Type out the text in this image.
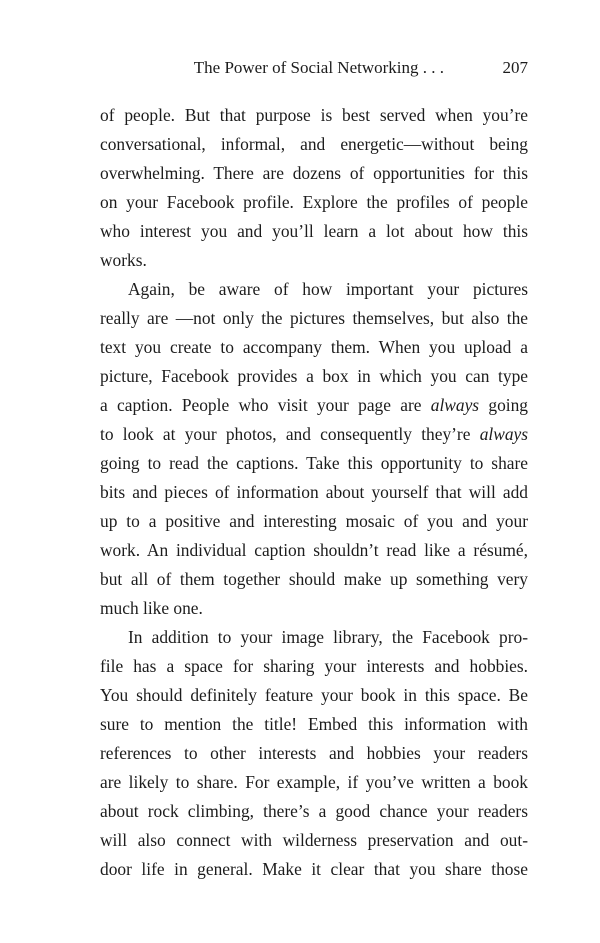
The Power of Social Networking . . .	207
of people. But that purpose is best served when you’re
conversational, informal, and energetic—without being
overwhelming. There are dozens of opportunities for this
on your Facebook profile. Explore the profiles of people
who interest you and you’ll learn a lot about how this
works.
Again, be aware of how important your pictures
really are —not only the pictures themselves, but also the
text you create to accompany them. When you upload a
picture, Facebook provides a box in which you can type
a caption. People who visit your page are always going
to look at your photos, and consequently they’re always
going to read the captions. Take this opportunity to share
bits and pieces of information about yourself that will add
up to a positive and interesting mosaic of you and your
work. An individual caption shouldn’t read like a résumé,
but all of them together should make up something very
much like one.
In addition to your image library, the Facebook pro-
file has a space for sharing your interests and hobbies.
You should definitely feature your book in this space. Be
sure to mention the title! Embed this information with
references to other interests and hobbies your readers
are likely to share. For example, if you’ve written a book
about rock climbing, there’s a good chance your readers
will also connect with wilderness preservation and out-
door life in general. Make it clear that you share those
